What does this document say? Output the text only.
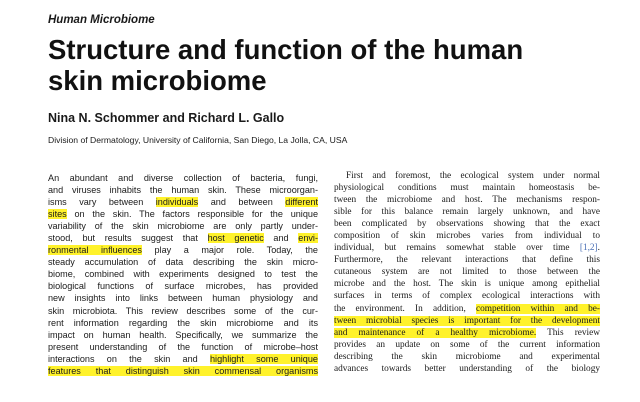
Human Microbiome
Structure and function of the human
skin microbiome
Nina N. Schommer and Richard L. Gallo
Division of Dermatology, University of California, San Diego, La Jolla, CA, USA
An abundant and diverse collection of bacteria, fungi,
and viruses inhabits the human skin. These microorgan-
isms vary between individuals and between different
sites on the skin. The factors responsible for the unique
variability of the skin microbiome are only partly under-
stood, but results suggest that host genetic and envi-
ronmental influences play a major role. Today, the
steady accumulation of data describing the skin micro-
biome, combined with experiments designed to test the
biological functions of surface microbes, has provided
new insights into links between human physiology and
skin microbiota. This review describes some of the cur-
rent information regarding the skin microbiome and its
impact on human health. Specifically, we summarize the
present understanding of the function of microbe–host
interactions on the skin and highlight some unique
features that distinguish skin commensal organisms
First and foremost, the ecological system under normal
physiological conditions must maintain homeostasis be-
tween the microbiome and host. The mechanisms respon-
sible for this balance remain largely unknown, and have
been complicated by observations showing that the exact
composition of skin microbes varies from individual to
individual, but remains somewhat stable over time [1,2].
Furthermore, the relevant interactions that define this
cutaneous system are not limited to those between the
microbe and the host. The skin is unique among epithelial
surfaces in terms of complex ecological interactions with
the environment. In addition, competition within and be-
tween microbial species is important for the development
and maintenance of a healthy microbiome. This review
provides an update on some of the current information
describing the skin microbiome and experimental
advances towards better understanding of the biology
